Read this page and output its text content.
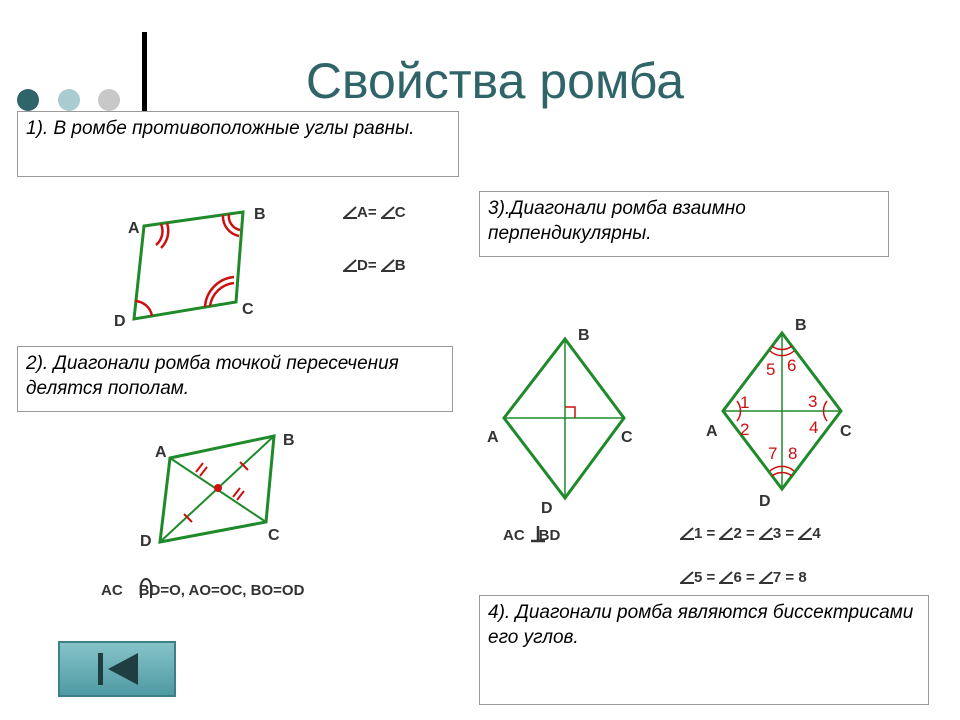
Свойства ромба
1). В ромбе противоположные углы равны.
2). Диагонали ромба точкой пересечения делятся пополам.
3).Диагонали ромба взаимно перпендикулярны.
4). Диагонали ромба являются биссектрисами его углов.
A
B
C
D
A= C
D= B
A
B
C
D
AC BD=O, AO=OC, BO=OD
B
A	C
D
AC BD
B
A	C
D
1
2
3
4
5 6
7 8
1 = 2 = 3 = 4
5 = 6 = 7 = 8
